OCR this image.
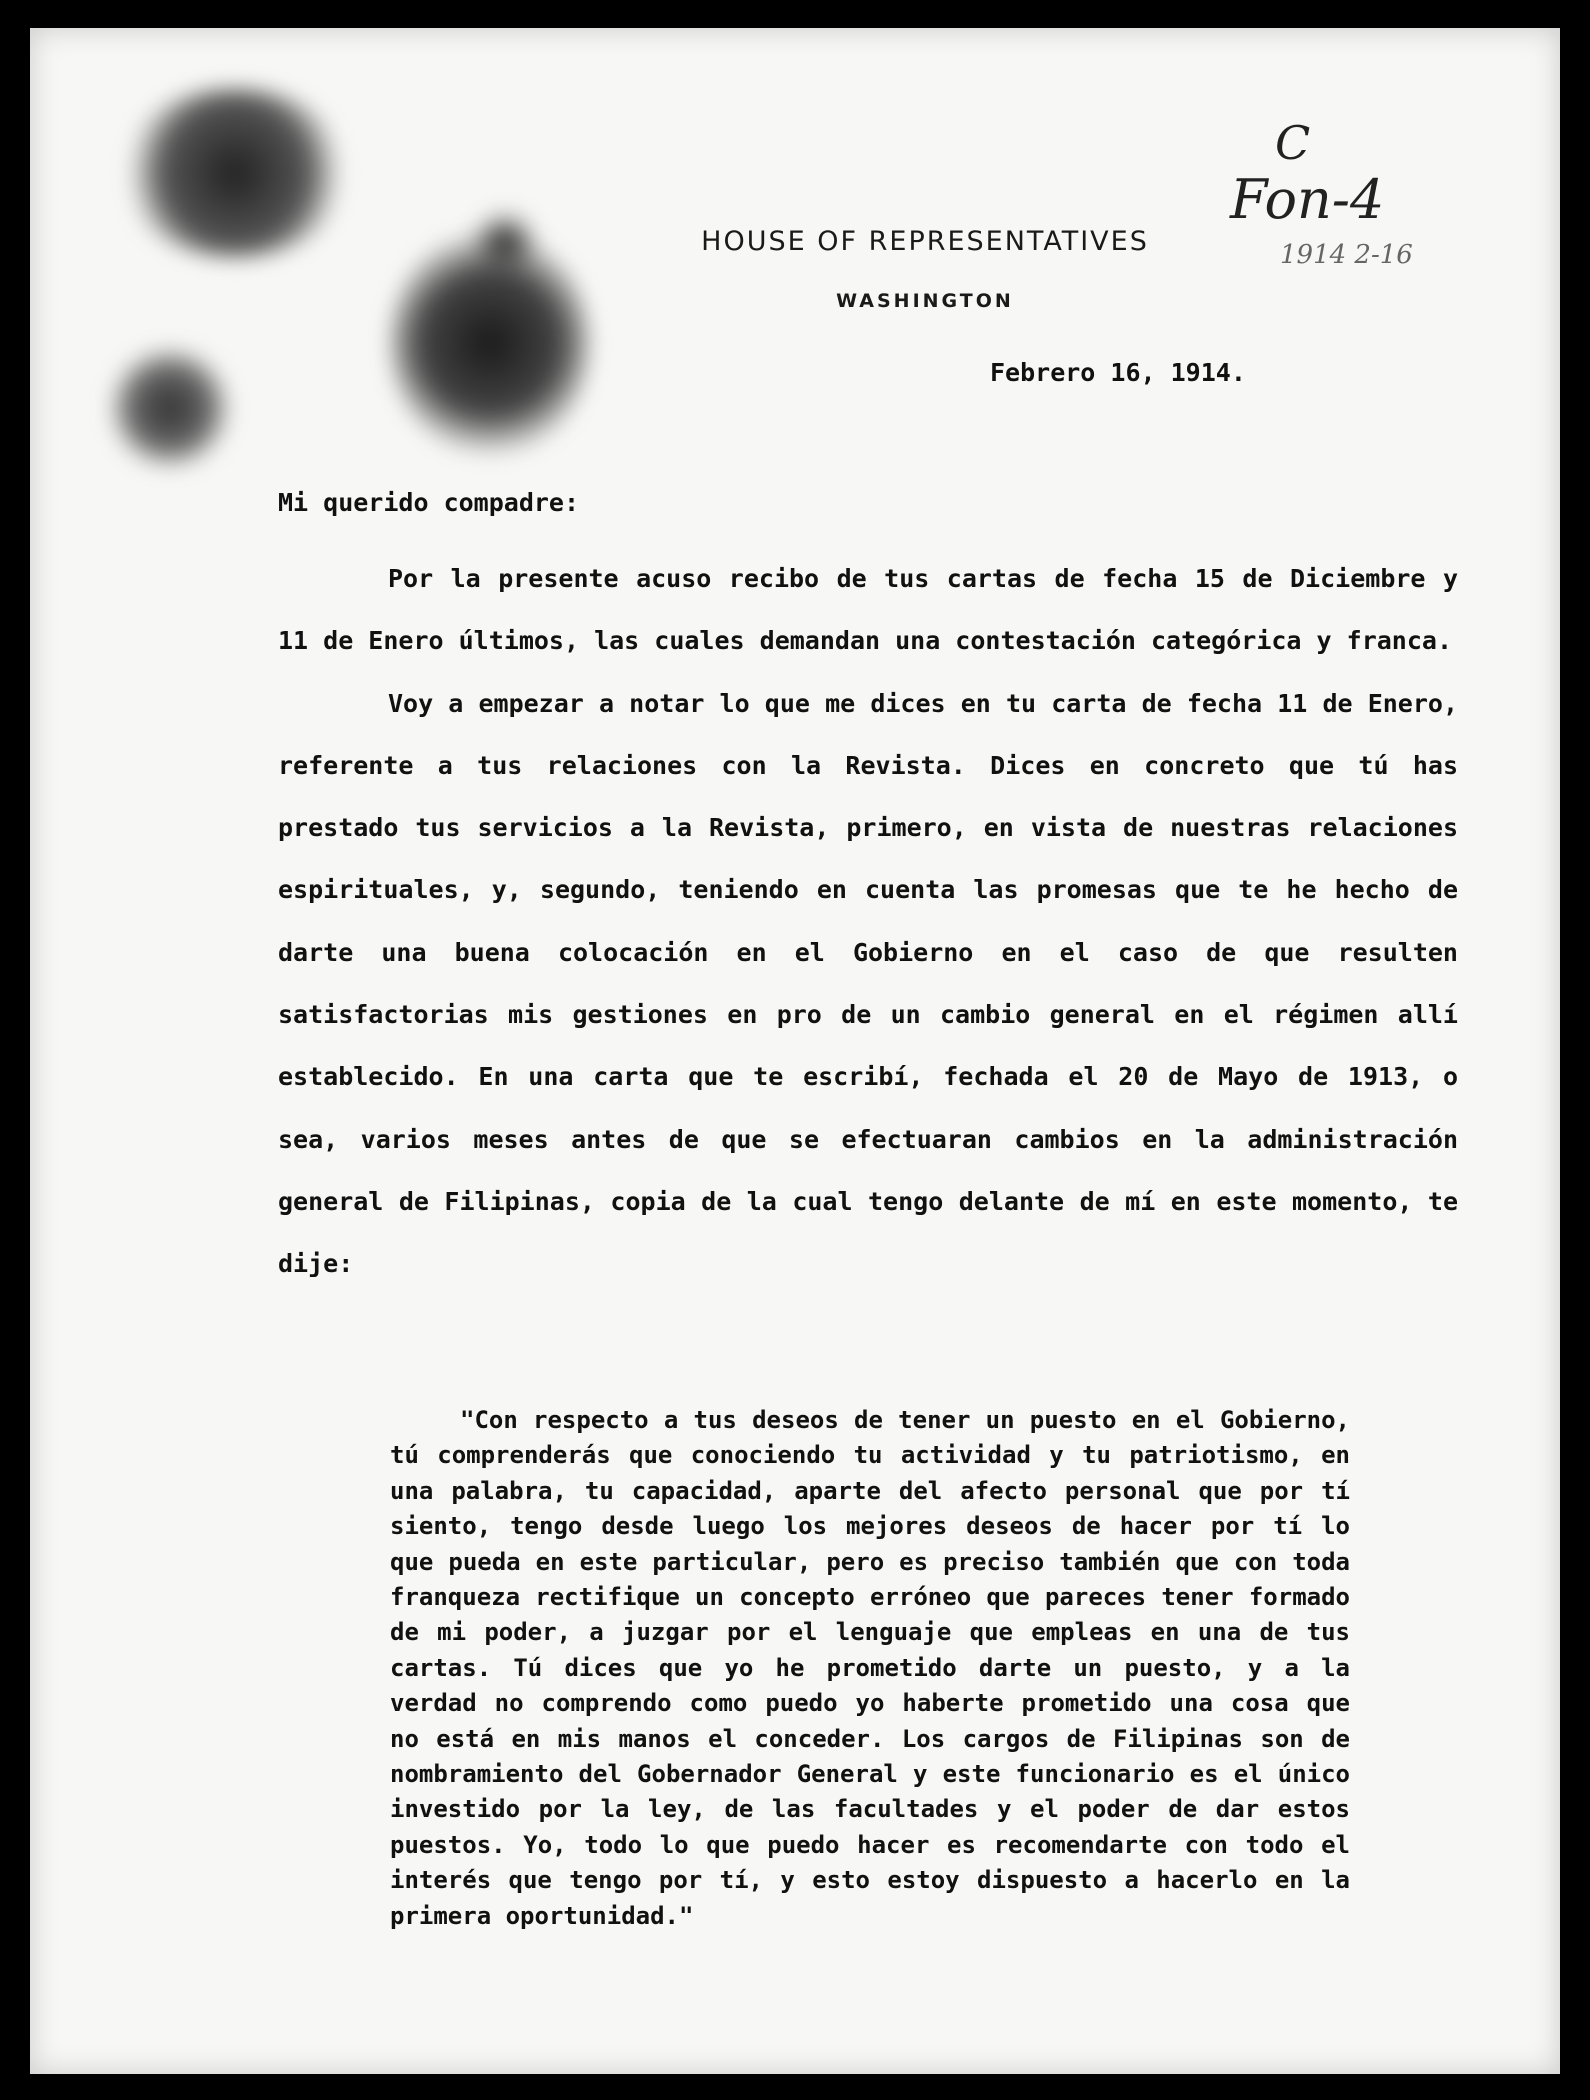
C
Fon-4
1914 2-16
HOUSE OF REPRESENTATIVES
WASHINGTON
Febrero 16, 1914.
Mi querido compadre:

Por la presente acuso recibo de tus cartas de fecha 15 de Diciembre y 11 de Enero últimos, las cuales demandan una contestación categórica y franca.

Voy a empezar a notar lo que me dices en tu carta de fecha 11 de Enero, referente a tus relaciones con la Revista. Dices en concreto que tú has prestado tus servicios a la Revista, primero, en vista de nuestras relaciones espirituales, y, segundo, teniendo en cuenta las promesas que te he hecho de darte una buena colocación en el Gobierno en el caso de que resulten satisfactorias mis gestiones en pro de un cambio general en el régimen allí establecido. En una carta que te escribí, fechada el 20 de Mayo de 1913, o sea, varios meses antes de que se efectuaran cambios en la administración general de Filipinas, copia de la cual tengo delante de mí en este momento, te dije:

"Con respecto a tus deseos de tener un puesto en el Gobierno, tú comprenderás que conociendo tu actividad y tu patriotismo, en una palabra, tu capacidad, aparte del afecto personal que por tí siento, tengo desde luego los mejores deseos de hacer por tí lo que pueda en este particular, pero es preciso también que con toda franqueza rectifique un concepto erróneo que pareces tener formado de mi poder, a juzgar por el lenguaje que empleas en una de tus cartas. Tú dices que yo he prometido darte un puesto, y a la verdad no comprendo como puedo yo haberte prometido una cosa que no está en mis manos el conceder. Los cargos de Filipinas son de nombramiento del Gobernador General y este funcionario es el único investido por la ley, de las facultades y el poder de dar estos puestos. Yo, todo lo que puedo hacer es recomendarte con todo el interés que tengo por tí, y esto estoy dispuesto a hacerlo en la primera oportunidad."
